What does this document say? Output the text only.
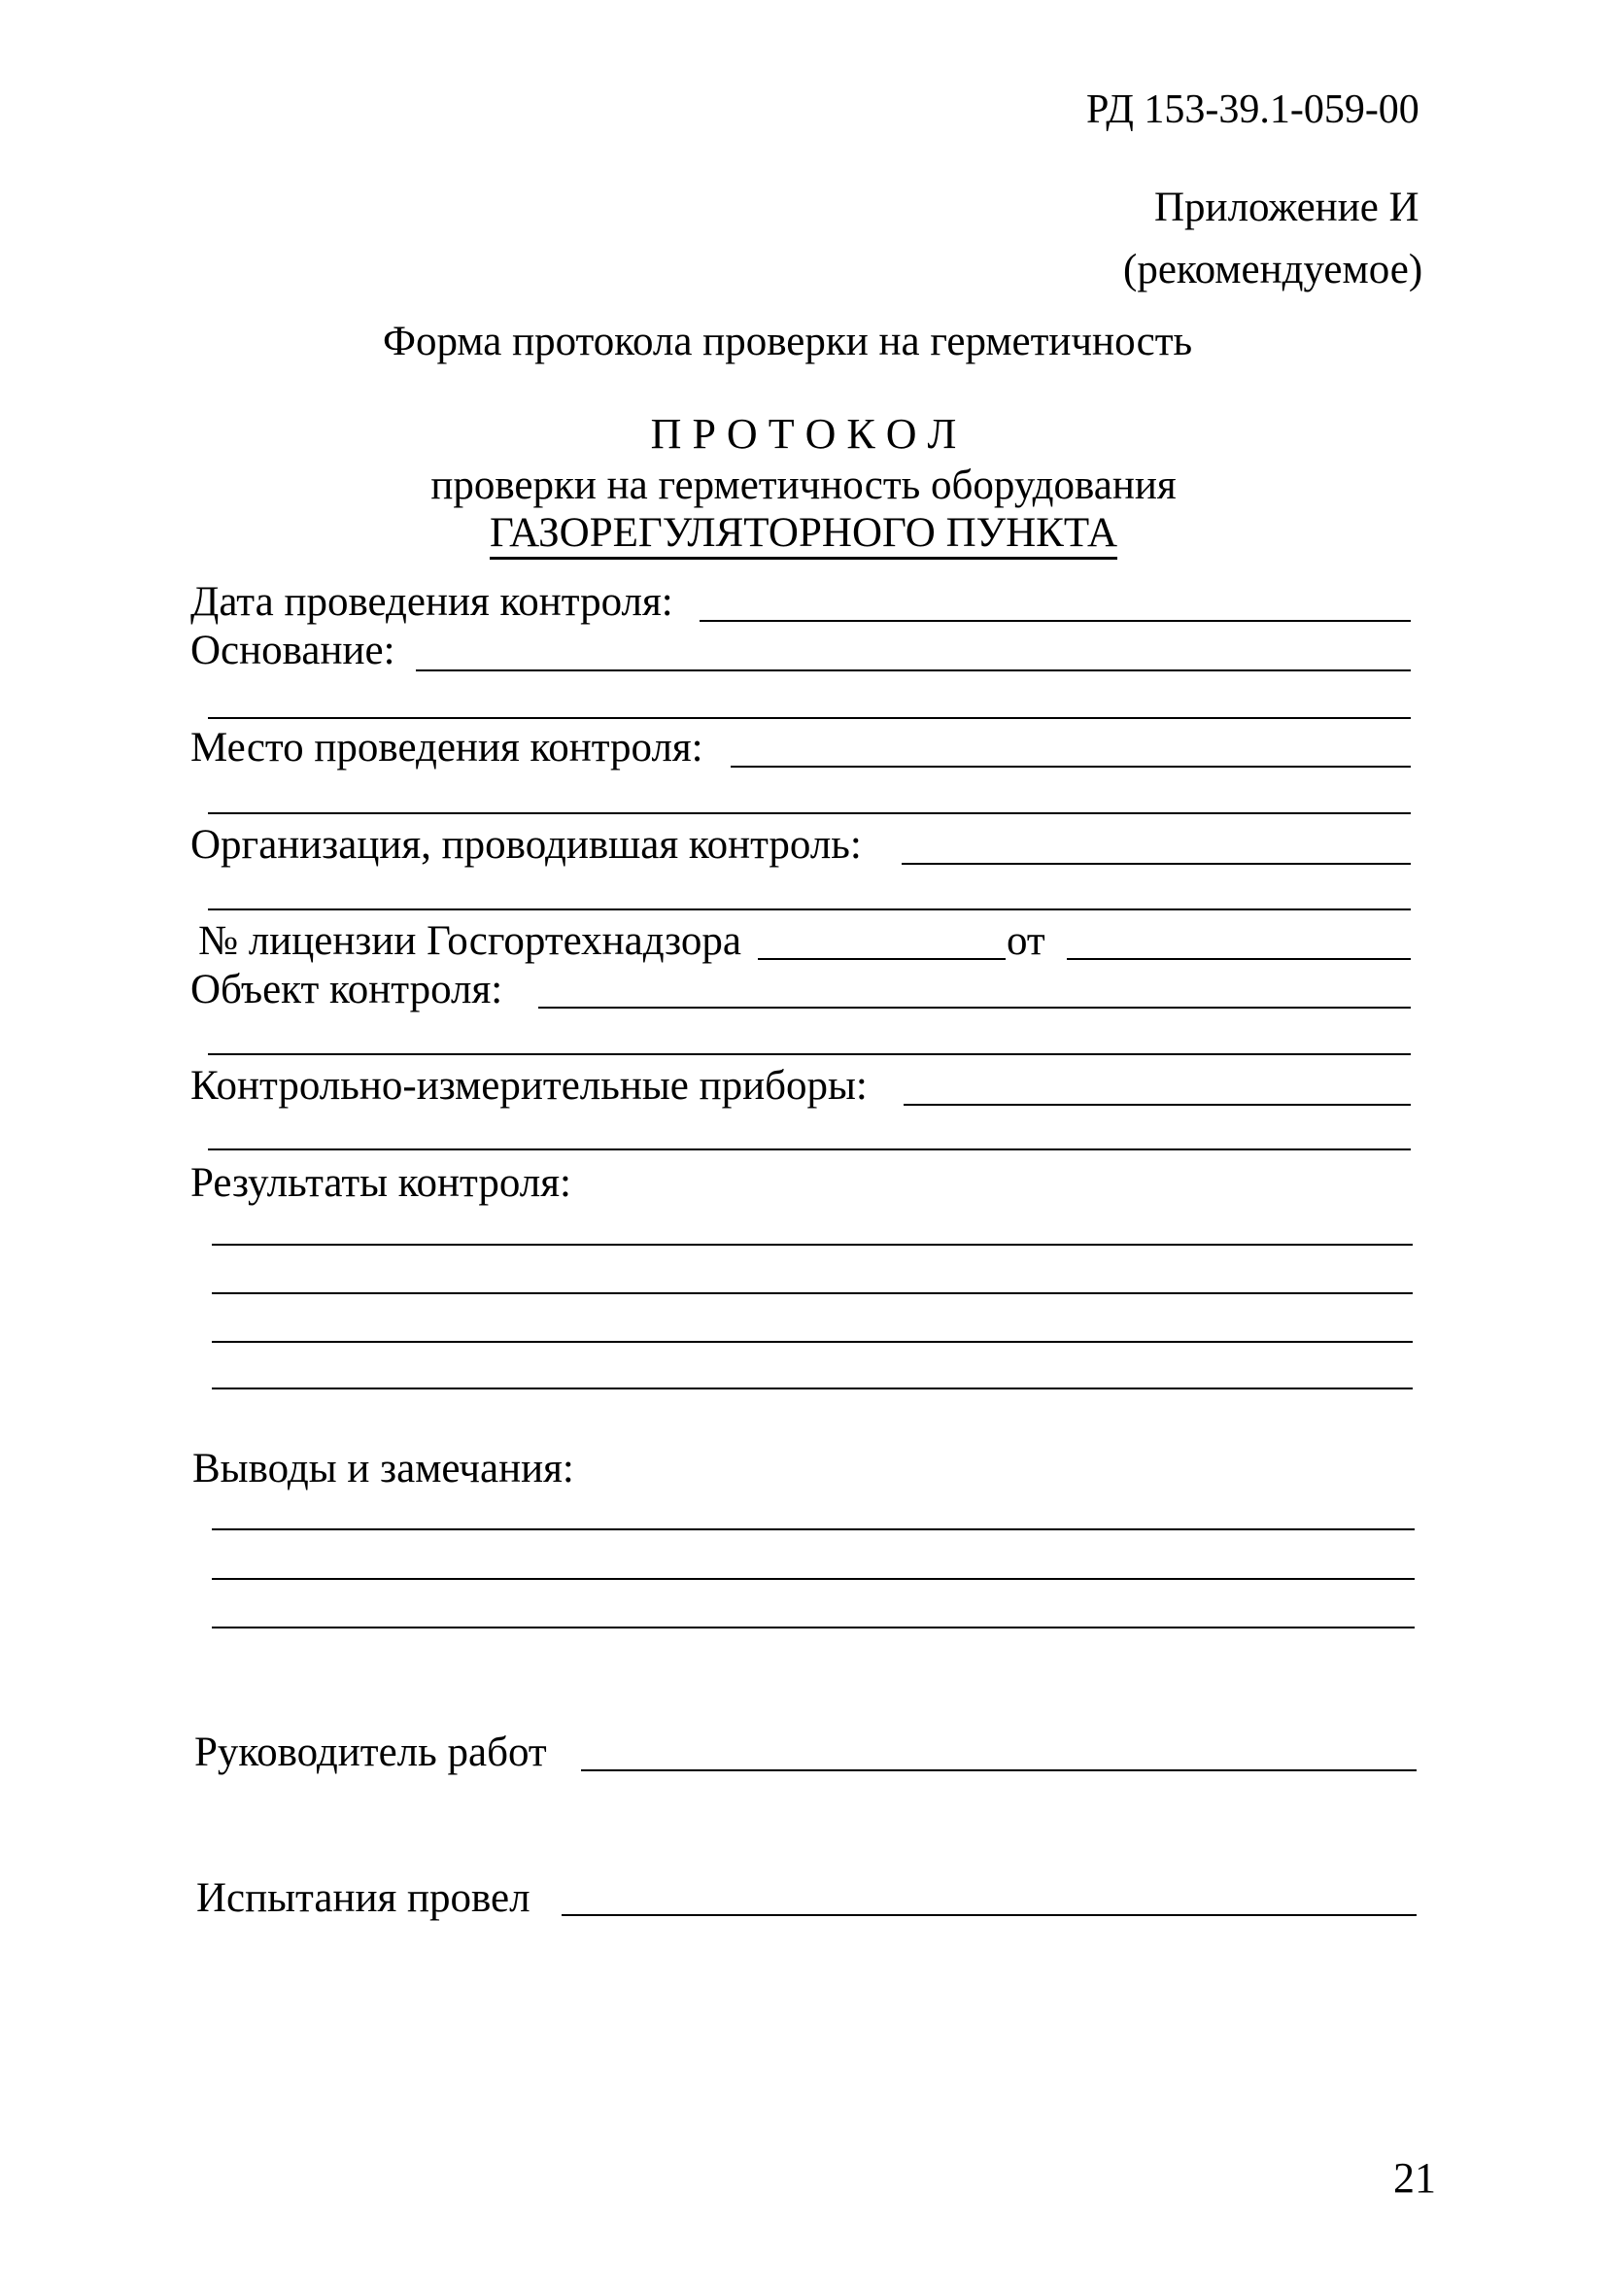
РД 153-39.1-059-00
Приложение И
(рекомендуемое)
Форма протокола проверки на герметичность
П Р О Т О К О Л
проверки на герметичность оборудования
ГАЗОРЕГУЛЯТОРНОГО ПУНКТА
Дата проведения контроля:
Основание:
Место проведения контроля:
Организация, проводившая контроль:
№ лицензии Госгортехнадзора	от
Объект контроля:
Контрольно-измерительные приборы:
Результаты контроля:
Выводы и замечания:
Руководитель работ
Испытания провел
21
